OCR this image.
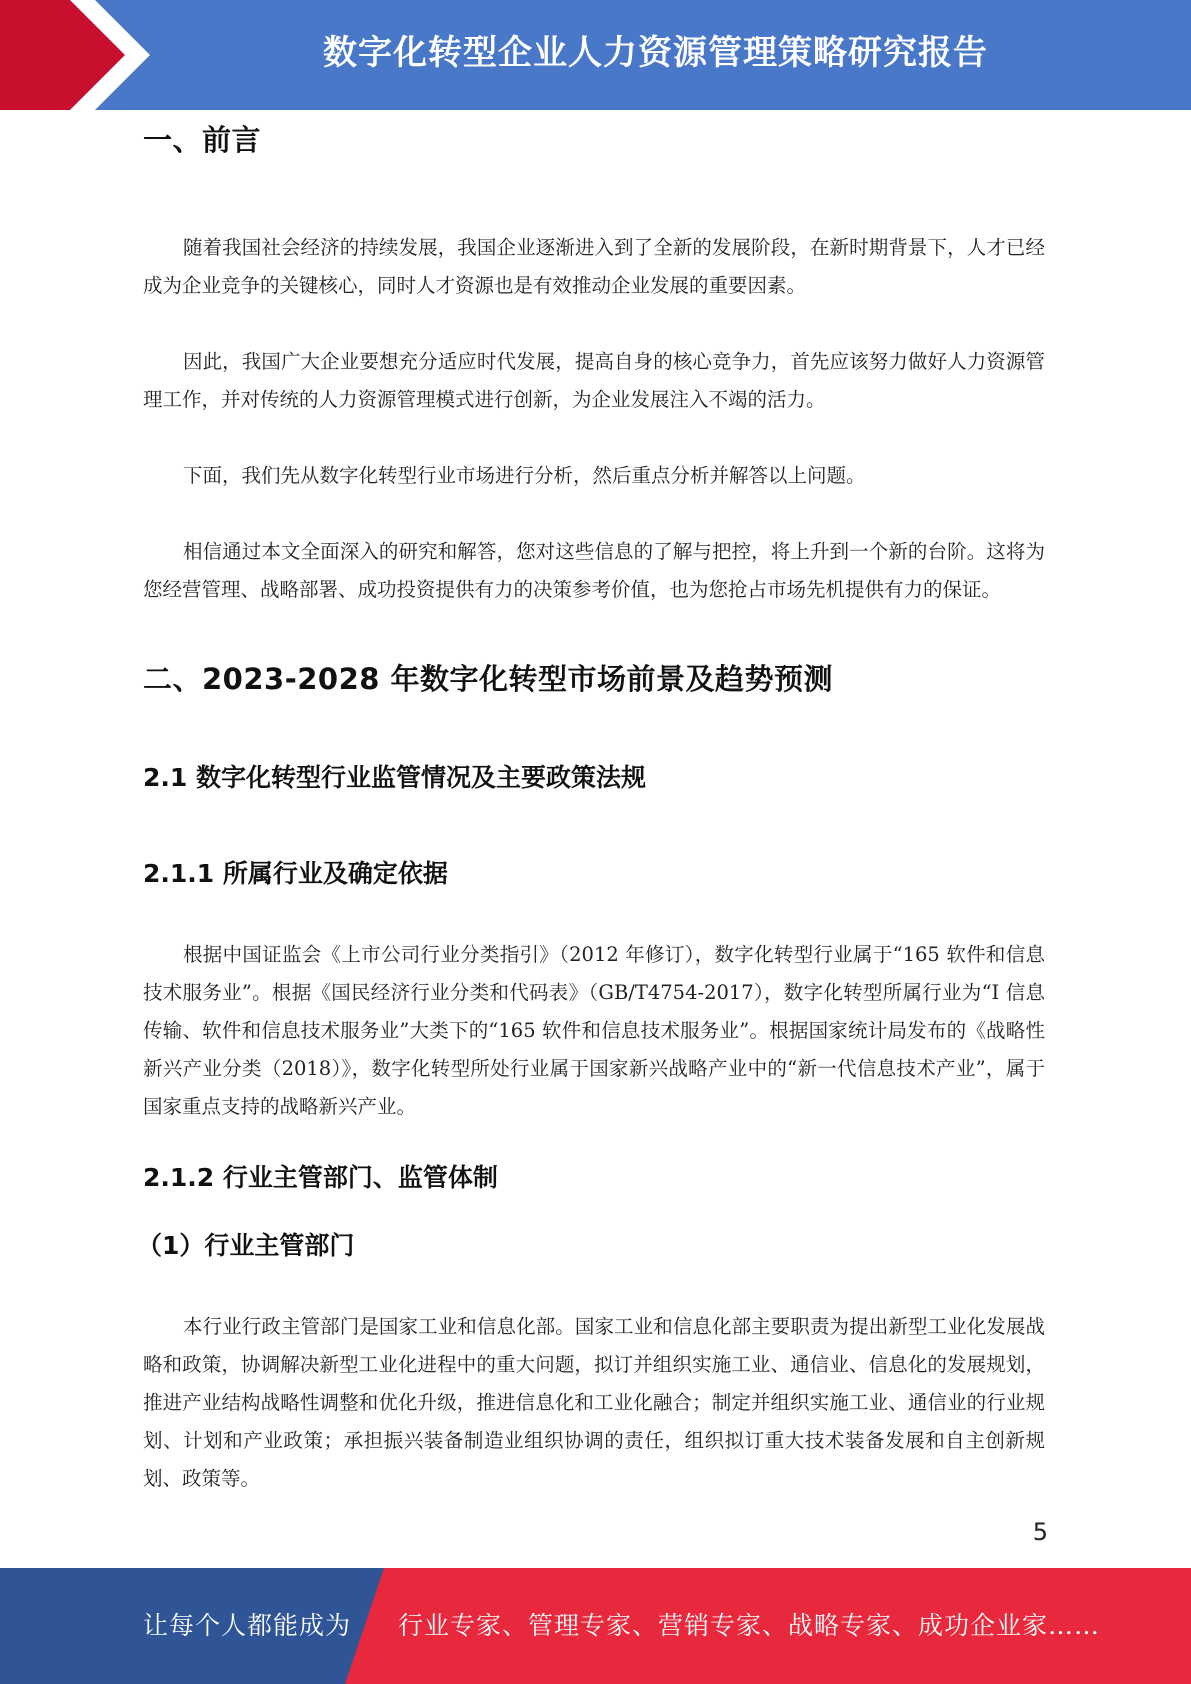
数字化转型企业人力资源管理策略研究报告
一、前言

随着我国社会经济的持续发展，我国企业逐渐进入到了全新的发展阶段，在新时期背景下，人才已经成为企业竞争的关键核心，同时人才资源也是有效推动企业发展的重要因素。

因此，我国广大企业要想充分适应时代发展，提高自身的核心竞争力，首先应该努力做好人力资源管理工作，并对传统的人力资源管理模式进行创新，为企业发展注入不竭的活力。

下面，我们先从数字化转型行业市场进行分析，然后重点分析并解答以上问题。

相信通过本文全面深入的研究和解答，您对这些信息的了解与把控，将上升到一个新的台阶。这将为您经营管理、战略部署、成功投资提供有力的决策参考价值，也为您抢占市场先机提供有力的保证。

二、2023-2028 年数字化转型市场前景及趋势预测
2.1 数字化转型行业监管情况及主要政策法规
2.1.1 所属行业及确定依据

根据中国证监会《上市公司行业分类指引》（2012 年修订），数字化转型行业属于“165 软件和信息技术服务业”。根据《国民经济行业分类和代码表》（GB/T4754-2017），数字化转型所属行业为“I 信息传输、软件和信息技术服务业”大类下的“165 软件和信息技术服务业”。根据国家统计局发布的《战略性新兴产业分类（2018）》，数字化转型所处行业属于国家新兴战略产业中的“新一代信息技术产业”，属于国家重点支持的战略新兴产业。

2.1.2 行业主管部门、监管体制
（1）行业主管部门

本行业行政主管部门是国家工业和信息化部。国家工业和信息化部主要职责为提出新型工业化发展战略和政策，协调解决新型工业化进程中的重大问题，拟订并组织实施工业、通信业、信息化的发展规划，推进产业结构战略性调整和优化升级，推进信息化和工业化融合；制定并组织实施工业、通信业的行业规划、计划和产业政策；承担振兴装备制造业组织协调的责任，组织拟订重大技术装备发展和自主创新规划、政策等。

5
让每个人都能成为 行业专家、管理专家、营销专家、战略专家、成功企业家……
